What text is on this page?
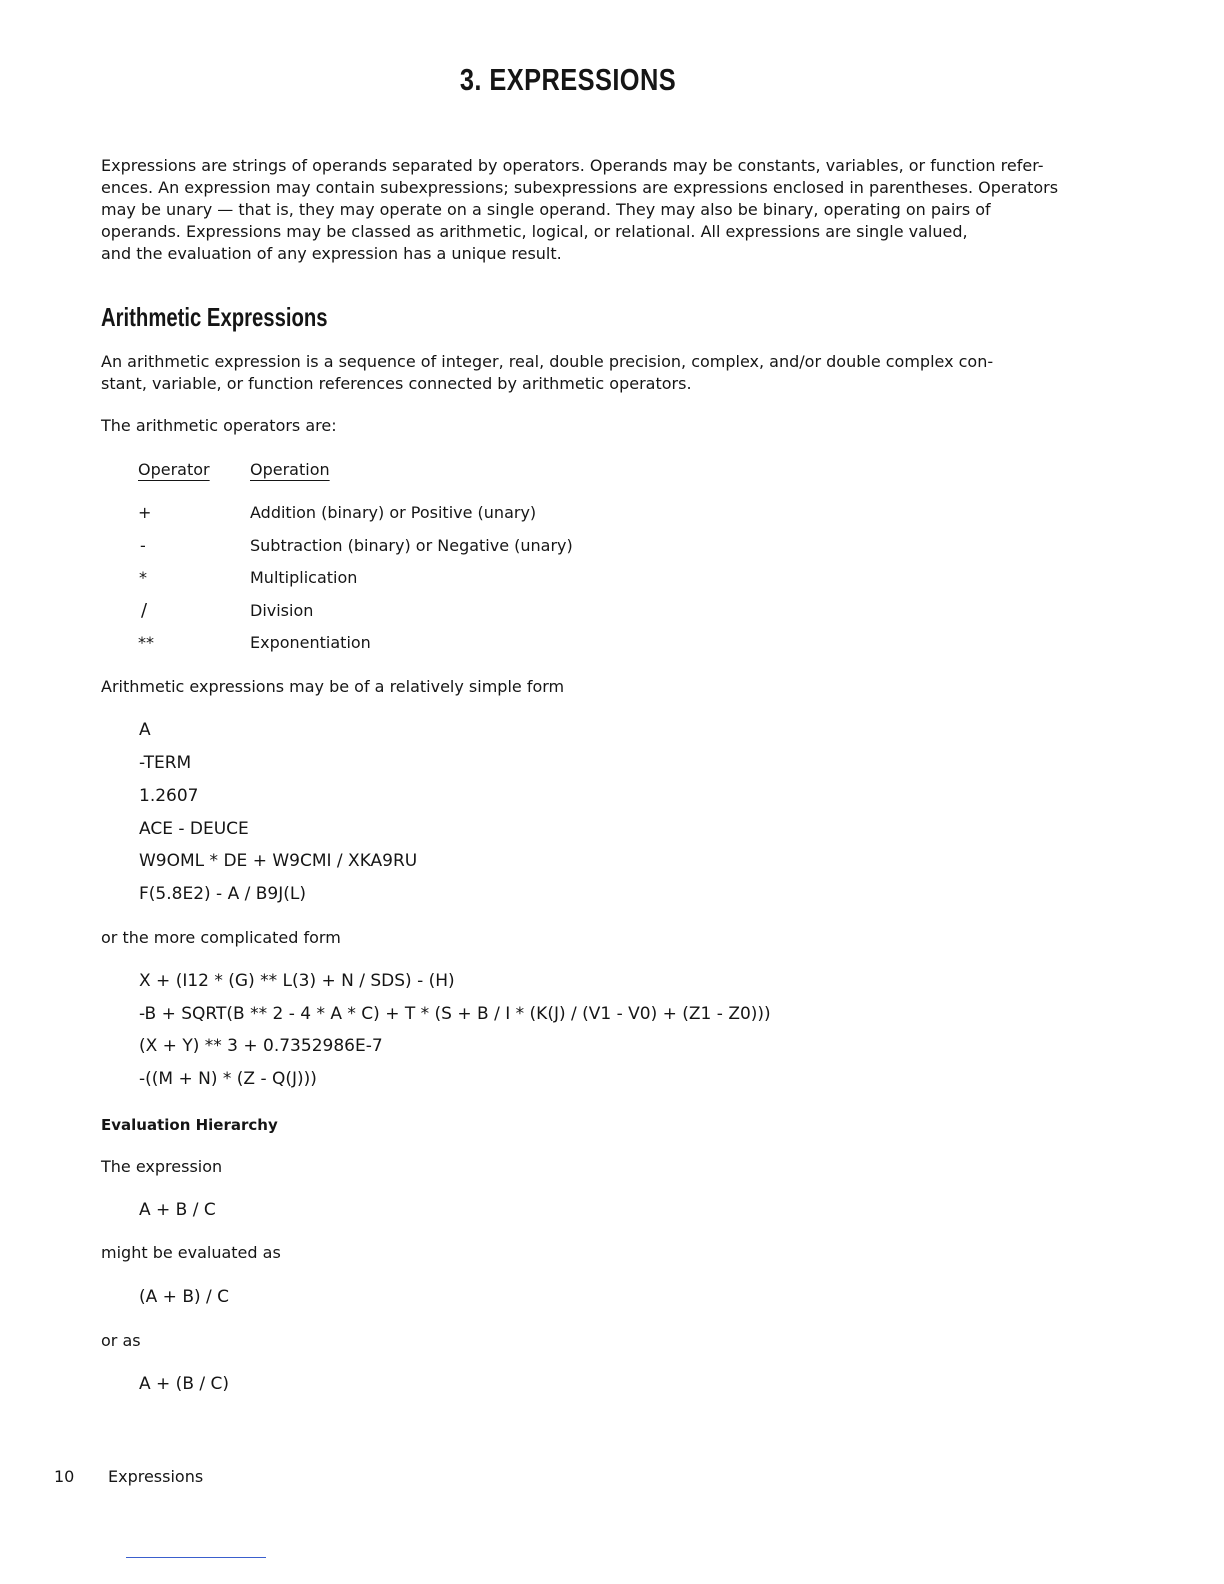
3. EXPRESSIONS
Expressions are strings of operands separated by operators. Operands may be constants, variables, or function refer-
ences. An expression may contain subexpressions; subexpressions are expressions enclosed in parentheses. Operators
may be unary — that is, they may operate on a single operand. They may also be binary, operating on pairs of
operands. Expressions may be classed as arithmetic, logical, or relational. All expressions are single valued,
and the evaluation of any expression has a unique result.
Arithmetic Expressions
An arithmetic expression is a sequence of integer, real, double precision, complex, and/or double complex con-
stant, variable, or function references connected by arithmetic operators.
The arithmetic operators are:
Operator	Operation
+	Addition (binary) or Positive (unary)
-	Subtraction (binary) or Negative (unary)
*	Multiplication
/	Division
**	Exponentiation
Arithmetic expressions may be of a relatively simple form
A
-TERM
1.2607
ACE - DEUCE
W9OML * DE + W9CMI / XKA9RU
F(5.8E2) - A / B9J(L)
or the more complicated form
X + (I12 * (G) ** L(3) + N / SDS) - (H)
-B + SQRT(B ** 2 - 4 * A * C) + T * (S + B / I * (K(J) / (V1 - V0) + (Z1 - Z0)))
(X + Y) ** 3 + 0.7352986E-7
-((M + N) * (Z - Q(J)))
Evaluation Hierarchy
The expression
A + B / C
might be evaluated as
(A + B) / C
or as
A + (B / C)
10 Expressions
